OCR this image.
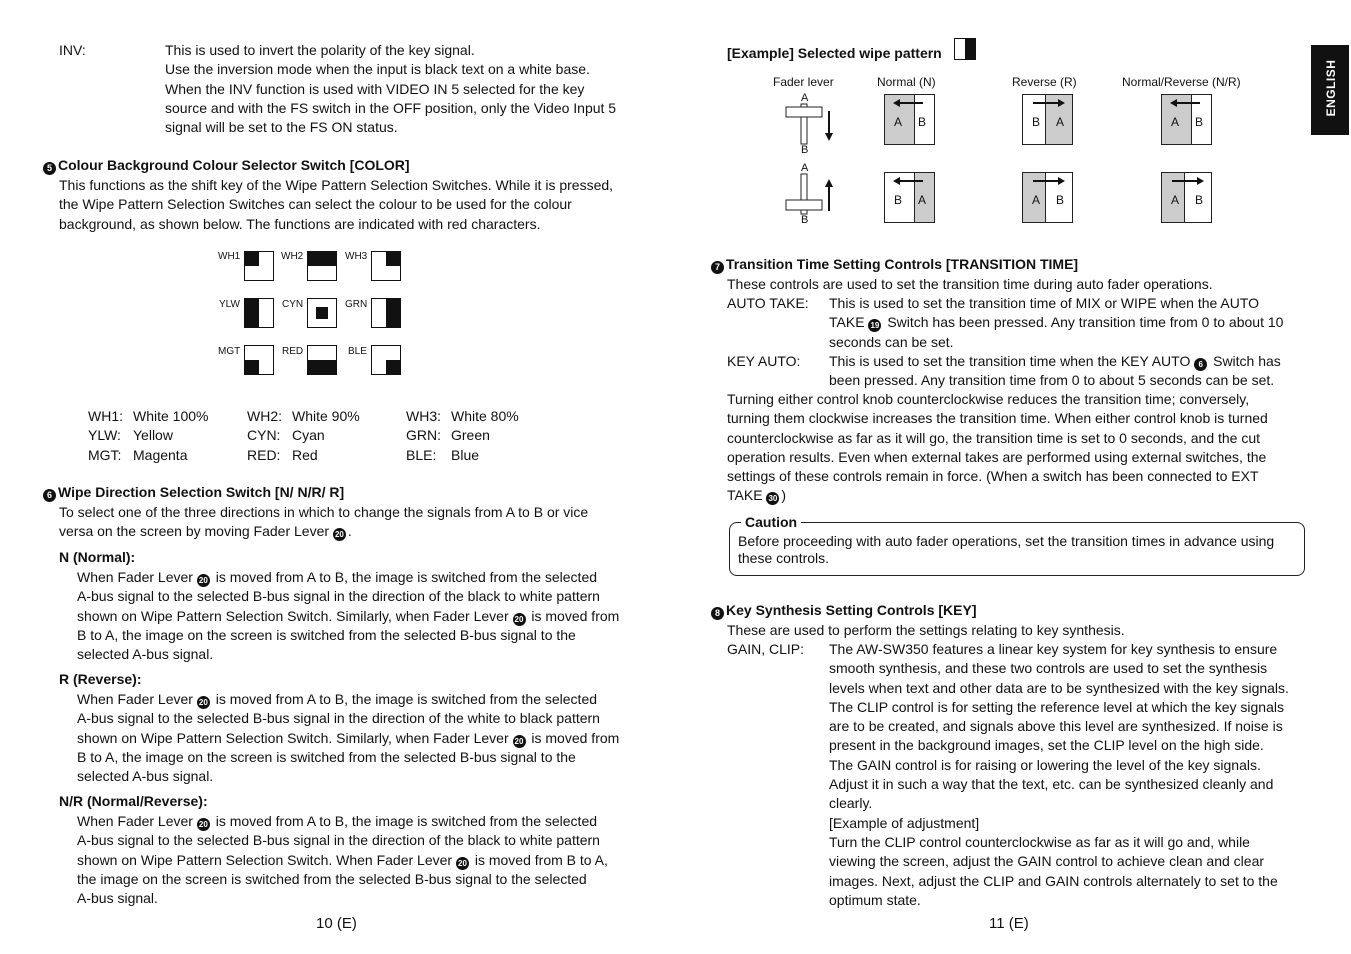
INV:	This is used to invert the polarity of the key signal.
Use the inversion mode when the input is black text on a white base.
When the INV function is used with VIDEO IN 5 selected for the key
source and with the FS switch in the OFF position, only the Video Input 5
signal will be set to the FS ON status.
5 Colour Background Colour Selector Switch [COLOR]
This functions as the shift key of the Wipe Pattern Selection Switches. While it is pressed,
the Wipe Pattern Selection Switches can select the colour to be used for the colour
background, as shown below. The functions are indicated with red characters.
WH1	WH2	WH3
YLW	CYN	GRN
MGT	RED	BLE
WH1: White 100%	WH2: White 90%	WH3: White 80%
YLW: Yellow	CYN: Cyan	GRN: Green
MGT: Magenta	RED: Red	BLE: Blue
6 Wipe Direction Selection Switch [N/ N/R/ R]
To select one of the three directions in which to change the signals from A to B or vice
versa on the screen by moving Fader Lever 20 .
N (Normal):
When Fader Lever 20 is moved from A to B, the image is switched from the selected
A-bus signal to the selected B-bus signal in the direction of the black to white pattern
shown on Wipe Pattern Selection Switch. Similarly, when Fader Lever 20 is moved from
B to A, the image on the screen is switched from the selected B-bus signal to the
selected A-bus signal.
R (Reverse):
When Fader Lever 20 is moved from A to B, the image is switched from the selected
A-bus signal to the selected B-bus signal in the direction of the white to black pattern
shown on Wipe Pattern Selection Switch. Similarly, when Fader Lever 20 is moved from
B to A, the image on the screen is switched from the selected B-bus signal to the
selected A-bus signal.
N/R (Normal/Reverse):
When Fader Lever 20 is moved from A to B, the image is switched from the selected
A-bus signal to the selected B-bus signal in the direction of the black to white pattern
shown on Wipe Pattern Selection Switch. When Fader Lever 20 is moved from B to A,
the image on the screen is switched from the selected B-bus signal to the selected
A-bus signal.
10 (E)
ENGLISH
[Example] Selected wipe pattern
Fader lever	Normal (N)	Reverse (R)	Normal/Reverse (N/R)
A
B
A
B
A B	B A	A B
B A	A B	A B
7 Transition Time Setting Controls [TRANSITION TIME]
These controls are used to set the transition time during auto fader operations.
AUTO TAKE: This is used to set the transition time of MIX or WIPE when the AUTO
TAKE 19 Switch has been pressed. Any transition time from 0 to about 10
seconds can be set.
KEY AUTO: This is used to set the transition time when the KEY AUTO 6 Switch has
been pressed. Any transition time from 0 to about 5 seconds can be set.
Turning either control knob counterclockwise reduces the transition time; conversely,
turning them clockwise increases the transition time. When either control knob is turned
counterclockwise as far as it will go, the transition time is set to 0 seconds, and the cut
operation results. Even when external takes are performed using external switches, the
settings of these controls remain in force. (When a switch has been connected to EXT
TAKE 30 )
Caution
Before proceeding with auto fader operations, set the transition times in advance using
these controls.
8 Key Synthesis Setting Controls [KEY]
These are used to perform the settings relating to key synthesis.
GAIN, CLIP: The AW-SW350 features a linear key system for key synthesis to ensure
smooth synthesis, and these two controls are used to set the synthesis
levels when text and other data are to be synthesized with the key signals.
The CLIP control is for setting the reference level at which the key signals
are to be created, and signals above this level are synthesized. If noise is
present in the background images, set the CLIP level on the high side.
The GAIN control is for raising or lowering the level of the key signals.
Adjust it in such a way that the text, etc. can be synthesized cleanly and
clearly.
[Example of adjustment]
Turn the CLIP control counterclockwise as far as it will go and, while
viewing the screen, adjust the GAIN control to achieve clean and clear
images. Next, adjust the CLIP and GAIN controls alternately to set to the
optimum state.
11 (E)
